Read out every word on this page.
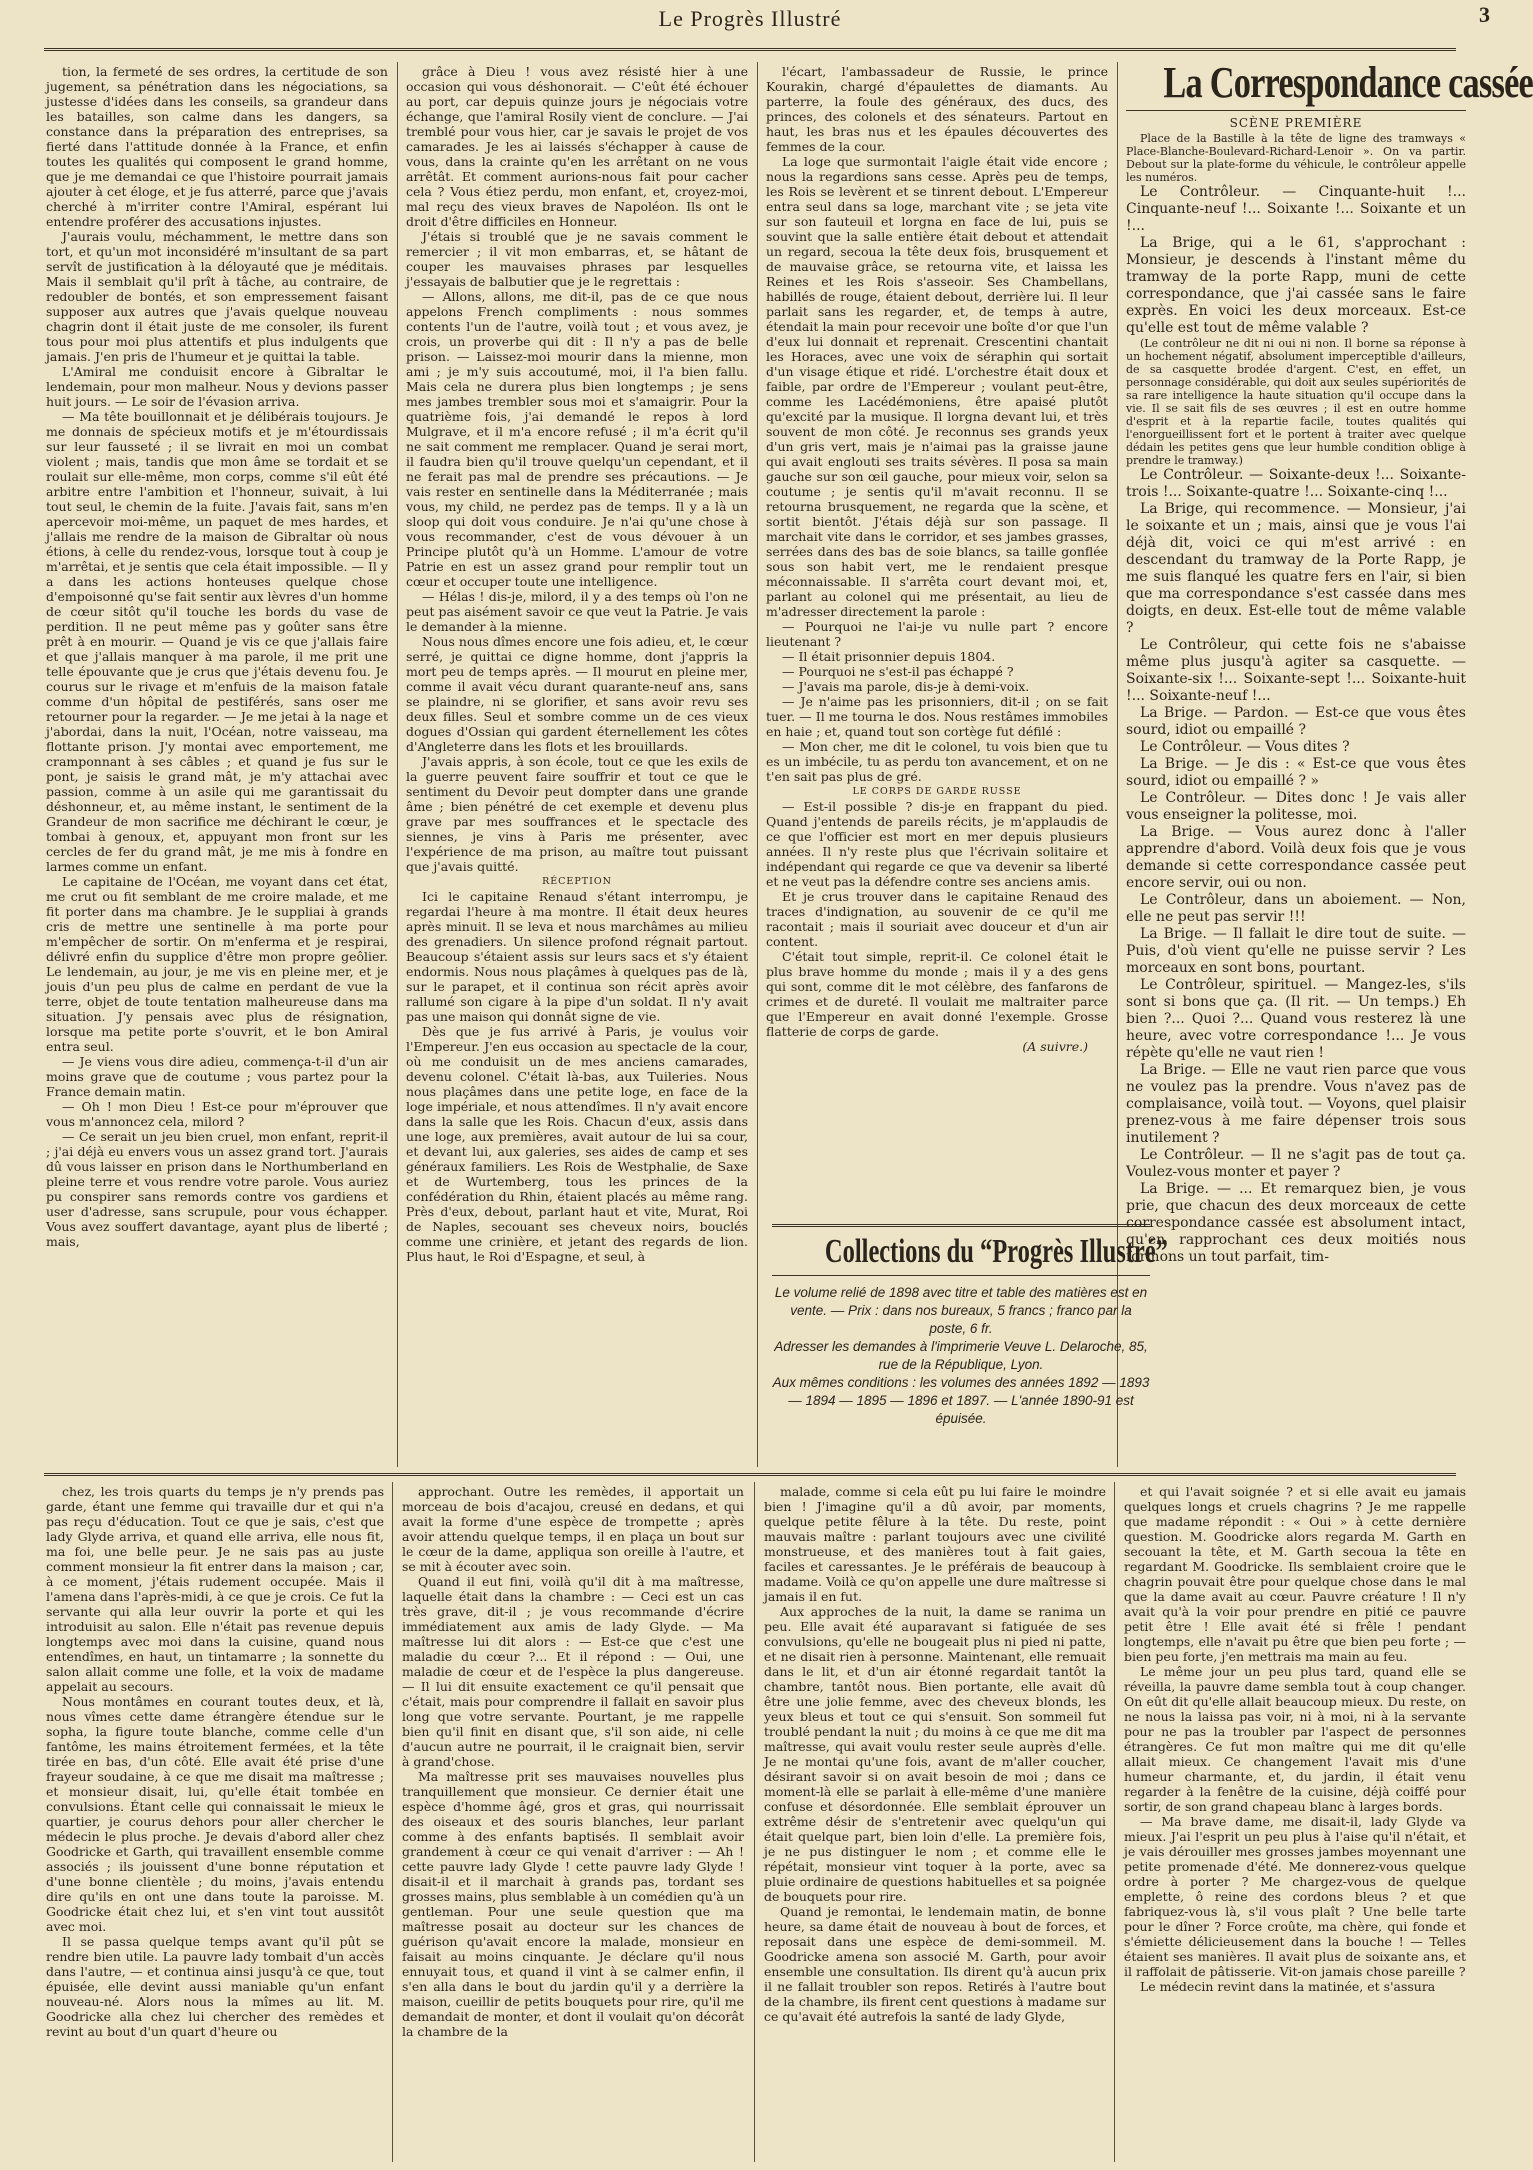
Le Progrès Illustré	3

tion, la fermeté de ses ordres, la certitude de son jugement, sa pénétration dans les négociations, sa justesse d'idées dans les conseils, sa grandeur dans les batailles, son calme dans les dangers, sa constance dans la préparation des entreprises, sa fierté dans l'attitude donnée à la France, et enfin toutes les qualités qui composent le grand homme, que je me demandai ce que l'histoire pourrait jamais ajouter à cet éloge, et je fus atterré, parce que j'avais cherché à m'irriter contre l'Amiral, espérant lui entendre proférer des accusations injustes.

J'aurais voulu, méchamment, le mettre dans son tort, et qu'un mot inconsidéré m'insultant de sa part servît de justification à la déloyauté que je méditais. Mais il semblait qu'il prît à tâche, au contraire, de redoubler de bontés, et son empressement faisant supposer aux autres que j'avais quelque nouveau chagrin dont il était juste de me consoler, ils furent tous pour moi plus attentifs et plus indulgents que jamais. J'en pris de l'humeur et je quittai la table.

L'Amiral me conduisit encore à Gibraltar le lendemain, pour mon malheur. Nous y devions passer huit jours. — Le soir de l'évasion arriva.

— Ma tête bouillonnait et je délibérais toujours. Je me donnais de spécieux motifs et je m'étourdissais sur leur fausseté ; il se livrait en moi un combat violent ; mais, tandis que mon âme se tordait et se roulait sur elle-même, mon corps, comme s'il eût été arbitre entre l'ambition et l'honneur, suivait, à lui tout seul, le chemin de la fuite. J'avais fait, sans m'en apercevoir moi-même, un paquet de mes hardes, et j'allais me rendre de la maison de Gibraltar où nous étions, à celle du rendez-vous, lorsque tout à coup je m'arrêtai, et je sentis que cela était impossible. — Il y a dans les actions honteuses quelque chose d'empoisonné qu'se fait sentir aux lèvres d'un homme de cœur sitôt qu'il touche les bords du vase de perdition. Il ne peut même pas y goûter sans être prêt à en mourir. — Quand je vis ce que j'allais faire et que j'allais manquer à ma parole, il me prit une telle épouvante que je crus que j'étais devenu fou. Je courus sur le rivage et m'enfuis de la maison fatale comme d'un hôpital de pestiférés, sans oser me retourner pour la regarder. — Je me jetai à la nage et j'abordai, dans la nuit, l'Océan, notre vaisseau, ma flottante prison. J'y montai avec emportement, me cramponnant à ses câbles ; et quand je fus sur le pont, je saisis le grand mât, je m'y attachai avec passion, comme à un asile qui me garantissait du déshonneur, et, au même instant, le sentiment de la Grandeur de mon sacrifice me déchirant le cœur, je tombai à genoux, et, appuyant mon front sur les cercles de fer du grand mât, je me mis à fondre en larmes comme un enfant.

Le capitaine de l'Océan, me voyant dans cet état, me crut ou fit semblant de me croire malade, et me fit porter dans ma chambre. Je le suppliai à grands cris de mettre une sentinelle à ma porte pour m'empêcher de sortir. On m'enferma et je respirai, délivré enfin du supplice d'être mon propre geôlier. Le lendemain, au jour, je me vis en pleine mer, et je jouis d'un peu plus de calme en perdant de vue la terre, objet de toute tentation malheureuse dans ma situation. J'y pensais avec plus de résignation, lorsque ma petite porte s'ouvrit, et le bon Amiral entra seul.

— Je viens vous dire adieu, commença-t-il d'un air moins grave que de coutume ; vous partez pour la France demain matin.

— Oh ! mon Dieu ! Est-ce pour m'éprouver que vous m'annoncez cela, milord ?

— Ce serait un jeu bien cruel, mon enfant, reprit-il ; j'ai déjà eu envers vous un assez grand tort. J'aurais dû vous laisser en prison dans le Northumberland en pleine terre et vous rendre votre parole. Vous auriez pu conspirer sans remords contre vos gardiens et user d'adresse, sans scrupule, pour vous échapper. Vous avez souffert davantage, ayant plus de liberté ; mais,

grâce à Dieu ! vous avez résisté hier à une occasion qui vous déshonorait. — C'eût été échouer au port, car depuis quinze jours je négociais votre échange, que l'amiral Rosily vient de conclure. — J'ai tremblé pour vous hier, car je savais le projet de vos camarades. Je les ai laissés s'échapper à cause de vous, dans la crainte qu'en les arrêtant on ne vous arrêtât. Et comment aurions-nous fait pour cacher cela ? Vous étiez perdu, mon enfant, et, croyez-moi, mal reçu des vieux braves de Napoléon. Ils ont le droit d'être difficiles en Honneur.

J'étais si troublé que je ne savais comment le remercier ; il vit mon embarras, et, se hâtant de couper les mauvaises phrases par lesquelles j'essayais de balbutier que je le regrettais :

— Allons, allons, me dit-il, pas de ce que nous appelons French compliments : nous sommes contents l'un de l'autre, voilà tout ; et vous avez, je crois, un proverbe qui dit : Il n'y a pas de belle prison. — Laissez-moi mourir dans la mienne, mon ami ; je m'y suis accoutumé, moi, il l'a bien fallu. Mais cela ne durera plus bien longtemps ; je sens mes jambes trembler sous moi et s'amaigrir. Pour la quatrième fois, j'ai demandé le repos à lord Mulgrave, et il m'a encore refusé ; il m'a écrit qu'il ne sait comment me remplacer. Quand je serai mort, il faudra bien qu'il trouve quelqu'un cependant, et il ne ferait pas mal de prendre ses précautions. — Je vais rester en sentinelle dans la Méditerranée ; mais vous, my child, ne perdez pas de temps. Il y a là un sloop qui doit vous conduire. Je n'ai qu'une chose à vous recommander, c'est de vous dévouer à un Principe plutôt qu'à un Homme. L'amour de votre Patrie en est un assez grand pour remplir tout un cœur et occuper toute une intelligence.

— Hélas ! dis-je, milord, il y a des temps où l'on ne peut pas aisément savoir ce que veut la Patrie. Je vais le demander à la mienne.

Nous nous dîmes encore une fois adieu, et, le cœur serré, je quittai ce digne homme, dont j'appris la mort peu de temps après. — Il mourut en pleine mer, comme il avait vécu durant quarante-neuf ans, sans se plaindre, ni se glorifier, et sans avoir revu ses deux filles. Seul et sombre comme un de ces vieux dogues d'Ossian qui gardent éternellement les côtes d'Angleterre dans les flots et les brouillards.

J'avais appris, à son école, tout ce que les exils de la guerre peuvent faire souffrir et tout ce que le sentiment du Devoir peut dompter dans une grande âme ; bien pénétré de cet exemple et devenu plus grave par mes souffrances et le spectacle des siennes, je vins à Paris me présenter, avec l'expérience de ma prison, au maître tout puissant que j'avais quitté.

RÉCEPTION

Ici le capitaine Renaud s'étant interrompu, je regardai l'heure à ma montre. Il était deux heures après minuit. Il se leva et nous marchâmes au milieu des grenadiers. Un silence profond régnait partout. Beaucoup s'étaient assis sur leurs sacs et s'y étaient endormis. Nous nous plaçâmes à quelques pas de là, sur le parapet, et il continua son récit après avoir rallumé son cigare à la pipe d'un soldat. Il n'y avait pas une maison qui donnât signe de vie.

Dès que je fus arrivé à Paris, je voulus voir l'Empereur. J'en eus occasion au spectacle de la cour, où me conduisit un de mes anciens camarades, devenu colonel. C'était là-bas, aux Tuileries. Nous nous plaçâmes dans une petite loge, en face de la loge impériale, et nous attendîmes. Il n'y avait encore dans la salle que les Rois. Chacun d'eux, assis dans une loge, aux premières, avait autour de lui sa cour, et devant lui, aux galeries, ses aides de camp et ses généraux familiers. Les Rois de Westphalie, de Saxe et de Wurtemberg, tous les princes de la confédération du Rhin, étaient placés au même rang. Près d'eux, debout, parlant haut et vite, Murat, Roi de Naples, secouant ses cheveux noirs, bouclés comme une crinière, et jetant des regards de lion. Plus haut, le Roi d'Espagne, et seul, à

l'écart, l'ambassadeur de Russie, le prince Kourakin, chargé d'épaulettes de diamants. Au parterre, la foule des généraux, des ducs, des princes, des colonels et des sénateurs. Partout en haut, les bras nus et les épaules découvertes des femmes de la cour.

La loge que surmontait l'aigle était vide encore ; nous la regardions sans cesse. Après peu de temps, les Rois se levèrent et se tinrent debout. L'Empereur entra seul dans sa loge, marchant vite ; se jeta vite sur son fauteuil et lorgna en face de lui, puis se souvint que la salle entière était debout et attendait un regard, secoua la tête deux fois, brusquement et de mauvaise grâce, se retourna vite, et laissa les Reines et les Rois s'asseoir. Ses Chambellans, habillés de rouge, étaient debout, derrière lui. Il leur parlait sans les regarder, et, de temps à autre, étendait la main pour recevoir une boîte d'or que l'un d'eux lui donnait et reprenait. Crescentini chantait les Horaces, avec une voix de séraphin qui sortait d'un visage étique et ridé. L'orchestre était doux et faible, par ordre de l'Empereur ; voulant peut-être, comme les Lacédémoniens, être apaisé plutôt qu'excité par la musique. Il lorgna devant lui, et très souvent de mon côté. Je reconnus ses grands yeux d'un gris vert, mais je n'aimai pas la graisse jaune qui avait englouti ses traits sévères. Il posa sa main gauche sur son œil gauche, pour mieux voir, selon sa coutume ; je sentis qu'il m'avait reconnu. Il se retourna brusquement, ne regarda que la scène, et sortit bientôt. J'étais déjà sur son passage. Il marchait vite dans le corridor, et ses jambes grasses, serrées dans des bas de soie blancs, sa taille gonflée sous son habit vert, me le rendaient presque méconnaissable. Il s'arrêta court devant moi, et, parlant au colonel qui me présentait, au lieu de m'adresser directement la parole :

— Pourquoi ne l'ai-je vu nulle part ? encore lieutenant ?

— Il était prisonnier depuis 1804.

— Pourquoi ne s'est-il pas échappé ?

— J'avais ma parole, dis-je à demi-voix.

— Je n'aime pas les prisonniers, dit-il ; on se fait tuer. — Il me tourna le dos. Nous restâmes immobiles en haie ; et, quand tout son cortège fut défilé :

— Mon cher, me dit le colonel, tu vois bien que tu es un imbécile, tu as perdu ton avancement, et on ne t'en sait pas plus de gré.

LE CORPS DE GARDE RUSSE

— Est-il possible ? dis-je en frappant du pied. Quand j'entends de pareils récits, je m'applaudis de ce que l'officier est mort en mer depuis plusieurs années. Il n'y reste plus que l'écrivain solitaire et indépendant qui regarde ce que va devenir sa liberté et ne veut pas la défendre contre ses anciens amis.

Et je crus trouver dans le capitaine Renaud des traces d'indignation, au souvenir de ce qu'il me racontait ; mais il souriait avec douceur et d'un air content.

C'était tout simple, reprit-il. Ce colonel était le plus brave homme du monde ; mais il y a des gens qui sont, comme dit le mot célèbre, des fanfarons de crimes et de dureté. Il voulait me maltraiter parce que l'Empereur en avait donné l'exemple. Grosse flatterie de corps de garde.

(A suivre.)

Collections du “Progrès Illustré”
Le volume relié de 1898 avec titre et table des matières est en vente. — Prix : dans nos bureaux, 5 francs ; franco par la poste, 6 fr.
Adresser les demandes à l'imprimerie Veuve L. Delaroche, 85, rue de la République, Lyon.
Aux mêmes conditions : les volumes des années 1892 — 1893 — 1894 — 1895 — 1896 et 1897. — L'année 1890-91 est épuisée.
La Correspondance cassée

SCÈNE PREMIÈRE

Place de la Bastille à la tête de ligne des tramways « Place-Blanche-Boulevard-Richard-Lenoir ». On va partir. Debout sur la plate-forme du véhicule, le contrôleur appelle les numéros.

Le Contrôleur. — Cinquante-huit !... Cinquante-neuf !... Soixante !... Soixante et un !...

La Brige, qui a le 61, s'approchant : Monsieur, je descends à l'instant même du tramway de la porte Rapp, muni de cette correspondance, que j'ai cassée sans le faire exprès. En voici les deux morceaux. Est-ce qu'elle est tout de même valable ?

(Le contrôleur ne dit ni oui ni non. Il borne sa réponse à un hochement négatif, absolument imperceptible d'ailleurs, de sa casquette brodée d'argent. C'est, en effet, un personnage considérable, qui doit aux seules supériorités de sa rare intelligence la haute situation qu'il occupe dans la vie. Il se sait fils de ses œuvres ; il est en outre homme d'esprit et à la repartie facile, toutes qualités qui l'enorgueillissent fort et le portent à traiter avec quelque dédain les petites gens que leur humble condition oblige à prendre le tramway.)

Le Contrôleur. — Soixante-deux !... Soixante-trois !... Soixante-quatre !... Soixante-cinq !...

La Brige, qui recommence. — Monsieur, j'ai le soixante et un ; mais, ainsi que je vous l'ai déjà dit, voici ce qui m'est arrivé : en descendant du tramway de la Porte Rapp, je me suis flanqué les quatre fers en l'air, si bien que ma correspondance s'est cassée dans mes doigts, en deux. Est-elle tout de même valable ?

Le Contrôleur, qui cette fois ne s'abaisse même plus jusqu'à agiter sa casquette. — Soixante-six !... Soixante-sept !... Soixante-huit !... Soixante-neuf !...

La Brige. — Pardon. — Est-ce que vous êtes sourd, idiot ou empaillé ?

Le Contrôleur. — Vous dites ?

La Brige. — Je dis : « Est-ce que vous êtes sourd, idiot ou empaillé ? »

Le Contrôleur. — Dites donc ! Je vais aller vous enseigner la politesse, moi.

La Brige. — Vous aurez donc à l'aller apprendre d'abord. Voilà deux fois que je vous demande si cette correspondance cassée peut encore servir, oui ou non.

Le Contrôleur, dans un aboiement. — Non, elle ne peut pas servir !!!

La Brige. — Il fallait le dire tout de suite. — Puis, d'où vient qu'elle ne puisse servir ? Les morceaux en sont bons, pourtant.

Le Contrôleur, spirituel. — Mangez-les, s'ils sont si bons que ça. (Il rit. — Un temps.) Eh bien ?... Quoi ?... Quand vous resterez là une heure, avec votre correspondance !... Je vous répète qu'elle ne vaut rien !

La Brige. — Elle ne vaut rien parce que vous ne voulez pas la prendre. Vous n'avez pas de complaisance, voilà tout. — Voyons, quel plaisir prenez-vous à me faire dépenser trois sous inutilement ?

Le Contrôleur. — Il ne s'agit pas de tout ça. Voulez-vous monter et payer ?

La Brige. — ... Et remarquez bien, je vous prie, que chacun des deux morceaux de cette correspondance cassée est absolument intact, qu'en rapprochant ces deux moitiés nous formons un tout parfait, tim-

chez, les trois quarts du temps je n'y prends pas garde, étant une femme qui travaille dur et qui n'a pas reçu d'éducation. Tout ce que je sais, c'est que lady Glyde arriva, et quand elle arriva, elle nous fit, ma foi, une belle peur. Je ne sais pas au juste comment monsieur la fit entrer dans la maison ; car, à ce moment, j'étais rudement occupée. Mais il l'amena dans l'après-midi, à ce que je crois. Ce fut la servante qui alla leur ouvrir la porte et qui les introduisit au salon. Elle n'était pas revenue depuis longtemps avec moi dans la cuisine, quand nous entendîmes, en haut, un tintamarre ; la sonnette du salon allait comme une folle, et la voix de madame appelait au secours.

Nous montâmes en courant toutes deux, et là, nous vîmes cette dame étrangère étendue sur le sopha, la figure toute blanche, comme celle d'un fantôme, les mains étroitement fermées, et la tête tirée en bas, d'un côté. Elle avait été prise d'une frayeur soudaine, à ce que me disait ma maîtresse ; et monsieur disait, lui, qu'elle était tombée en convulsions. Étant celle qui connaissait le mieux le quartier, je courus dehors pour aller chercher le médecin le plus proche. Je devais d'abord aller chez Goodricke et Garth, qui travaillent ensemble comme associés ; ils jouissent d'une bonne réputation et d'une bonne clientèle ; du moins, j'avais entendu dire qu'ils en ont une dans toute la paroisse. M. Goodricke était chez lui, et s'en vint tout aussitôt avec moi.

Il se passa quelque temps avant qu'il pût se rendre bien utile. La pauvre lady tombait d'un accès dans l'autre, — et continua ainsi jusqu'à ce que, tout épuisée, elle devint aussi maniable qu'un enfant nouveau-né. Alors nous la mîmes au lit. M. Goodricke alla chez lui chercher des remèdes et revint au bout d'un quart d'heure ou

approchant. Outre les remèdes, il apportait un morceau de bois d'acajou, creusé en dedans, et qui avait la forme d'une espèce de trompette ; après avoir attendu quelque temps, il en plaça un bout sur le cœur de la dame, appliqua son oreille à l'autre, et se mit à écouter avec soin.

Quand il eut fini, voilà qu'il dit à ma maîtresse, laquelle était dans la chambre : — Ceci est un cas très grave, dit-il ; je vous recommande d'écrire immédiatement aux amis de lady Glyde. — Ma maîtresse lui dit alors : — Est-ce que c'est une maladie du cœur ?... Et il répond : — Oui, une maladie de cœur et de l'espèce la plus dangereuse. — Il lui dit ensuite exactement ce qu'il pensait que c'était, mais pour comprendre il fallait en savoir plus long que votre servante. Pourtant, je me rappelle bien qu'il finit en disant que, s'il son aide, ni celle d'aucun autre ne pourrait, il le craignait bien, servir à grand'chose.

Ma maîtresse prit ses mauvaises nouvelles plus tranquillement que monsieur. Ce dernier était une espèce d'homme âgé, gros et gras, qui nourrissait des oiseaux et des souris blanches, leur parlant comme à des enfants baptisés. Il semblait avoir grandement à cœur ce qui venait d'arriver : — Ah ! cette pauvre lady Glyde ! cette pauvre lady Glyde ! disait-il et il marchait à grands pas, tordant ses grosses mains, plus semblable à un comédien qu'à un gentleman. Pour une seule question que ma maîtresse posait au docteur sur les chances de guérison qu'avait encore la malade, monsieur en faisait au moins cinquante. Je déclare qu'il nous ennuyait tous, et quand il vint à se calmer enfin, il s'en alla dans le bout du jardin qu'il y a derrière la maison, cueillir de petits bouquets pour rire, qu'il me demandait de monter, et dont il voulait qu'on décorât la chambre de la

malade, comme si cela eût pu lui faire le moindre bien ! J'imagine qu'il a dû avoir, par moments, quelque petite fêlure à la tête. Du reste, point mauvais maître : parlant toujours avec une civilité monstrueuse, et des manières tout à fait gaies, faciles et caressantes. Je le préférais de beaucoup à madame. Voilà ce qu'on appelle une dure maîtresse si jamais il en fut.

Aux approches de la nuit, la dame se ranima un peu. Elle avait été auparavant si fatiguée de ses convulsions, qu'elle ne bougeait plus ni pied ni patte, et ne disait rien à personne. Maintenant, elle remuait dans le lit, et d'un air étonné regardait tantôt la chambre, tantôt nous. Bien portante, elle avait dû être une jolie femme, avec des cheveux blonds, les yeux bleus et tout ce qui s'ensuit. Son sommeil fut troublé pendant la nuit ; du moins à ce que me dit ma maîtresse, qui avait voulu rester seule auprès d'elle. Je ne montai qu'une fois, avant de m'aller coucher, désirant savoir si on avait besoin de moi ; dans ce moment-là elle se parlait à elle-même d'une manière confuse et désordonnée. Elle semblait éprouver un extrême désir de s'entretenir avec quelqu'un qui était quelque part, bien loin d'elle. La première fois, je ne pus distinguer le nom ; et comme elle le répétait, monsieur vint toquer à la porte, avec sa pluie ordinaire de questions habituelles et sa poignée de bouquets pour rire.

Quand je remontai, le lendemain matin, de bonne heure, sa dame était de nouveau à bout de forces, et reposait dans une espèce de demi-sommeil. M. Goodricke amena son associé M. Garth, pour avoir ensemble une consultation. Ils dirent qu'à aucun prix il ne fallait troubler son repos. Retirés à l'autre bout de la chambre, ils firent cent questions à madame sur ce qu'avait été autrefois la santé de lady Glyde,

et qui l'avait soignée ? et si elle avait eu jamais quelques longs et cruels chagrins ? Je me rappelle que madame répondit : « Oui » à cette dernière question. M. Goodricke alors regarda M. Garth en secouant la tête, et M. Garth secoua la tête en regardant M. Goodricke. Ils semblaient croire que le chagrin pouvait être pour quelque chose dans le mal que la dame avait au cœur. Pauvre créature ! Il n'y avait qu'à la voir pour prendre en pitié ce pauvre petit être ! Elle avait été si frêle ! pendant longtemps, elle n'avait pu être que bien peu forte ; — bien peu forte, j'en mettrais ma main au feu.

Le même jour un peu plus tard, quand elle se réveilla, la pauvre dame sembla tout à coup changer. On eût dit qu'elle allait beaucoup mieux. Du reste, on ne nous la laissa pas voir, ni à moi, ni à la servante pour ne pas la troubler par l'aspect de personnes étrangères. Ce fut mon maître qui me dit qu'elle allait mieux. Ce changement l'avait mis d'une humeur charmante, et, du jardin, il était venu regarder à la fenêtre de la cuisine, déjà coiffé pour sortir, de son grand chapeau blanc à larges bords.

— Ma brave dame, me disait-il, lady Glyde va mieux. J'ai l'esprit un peu plus à l'aise qu'il n'était, et je vais dérouiller mes grosses jambes moyennant une petite promenade d'été. Me donnerez-vous quelque ordre à porter ? Me chargez-vous de quelque emplette, ô reine des cordons bleus ? et que fabriquez-vous là, s'il vous plaît ? Une belle tarte pour le dîner ? Force croûte, ma chère, qui fonde et s'émiette délicieusement dans la bouche ! — Telles étaient ses manières. Il avait plus de soixante ans, et il raffolait de pâtisserie. Vit-on jamais chose pareille ?

Le médecin revint dans la matinée, et s'assura
